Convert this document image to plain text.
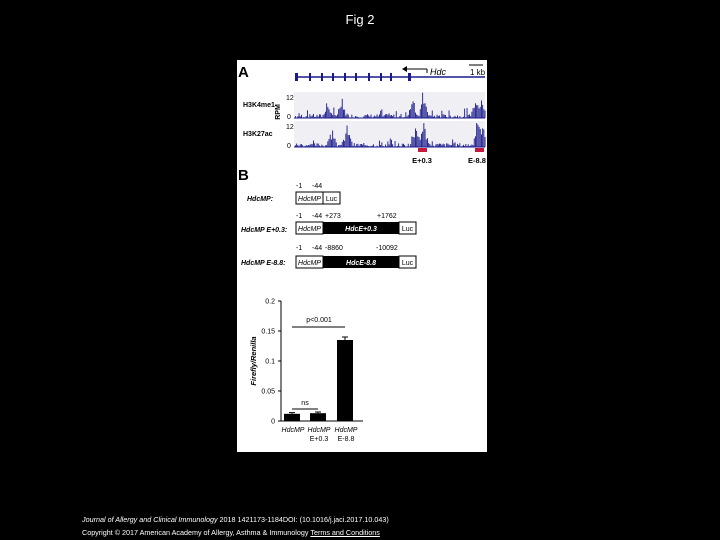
Fig 2
A	Hdc	1 kb
H3K4me1
12
0
H3K27ac
12
0
RPM
E+0.3	E-8.8
B
-1 -44
HdcMP:	HdcMP Luc
-1 -44 +273	+1762
HdcMP E+0.3: HdcMP	HdcE+0.3	Luc
-1 -44 -8860	-10092
HdcMP E-8.8: HdcMP	HdcE-8.8	Luc
0
0.05
0.1
0.15
0.2
Firefly/Renilla
HdcMP HdcMP
E+0.3
HdcMP
E-8.8
ns
p<0.001
Journal of Allergy and Clinical Immunology 2018 1421173-1184DOI: (10.1016/j.jaci.2017.10.043)
Copyright © 2017 American Academy of Allergy, Asthma & Immunology Terms and Conditions
